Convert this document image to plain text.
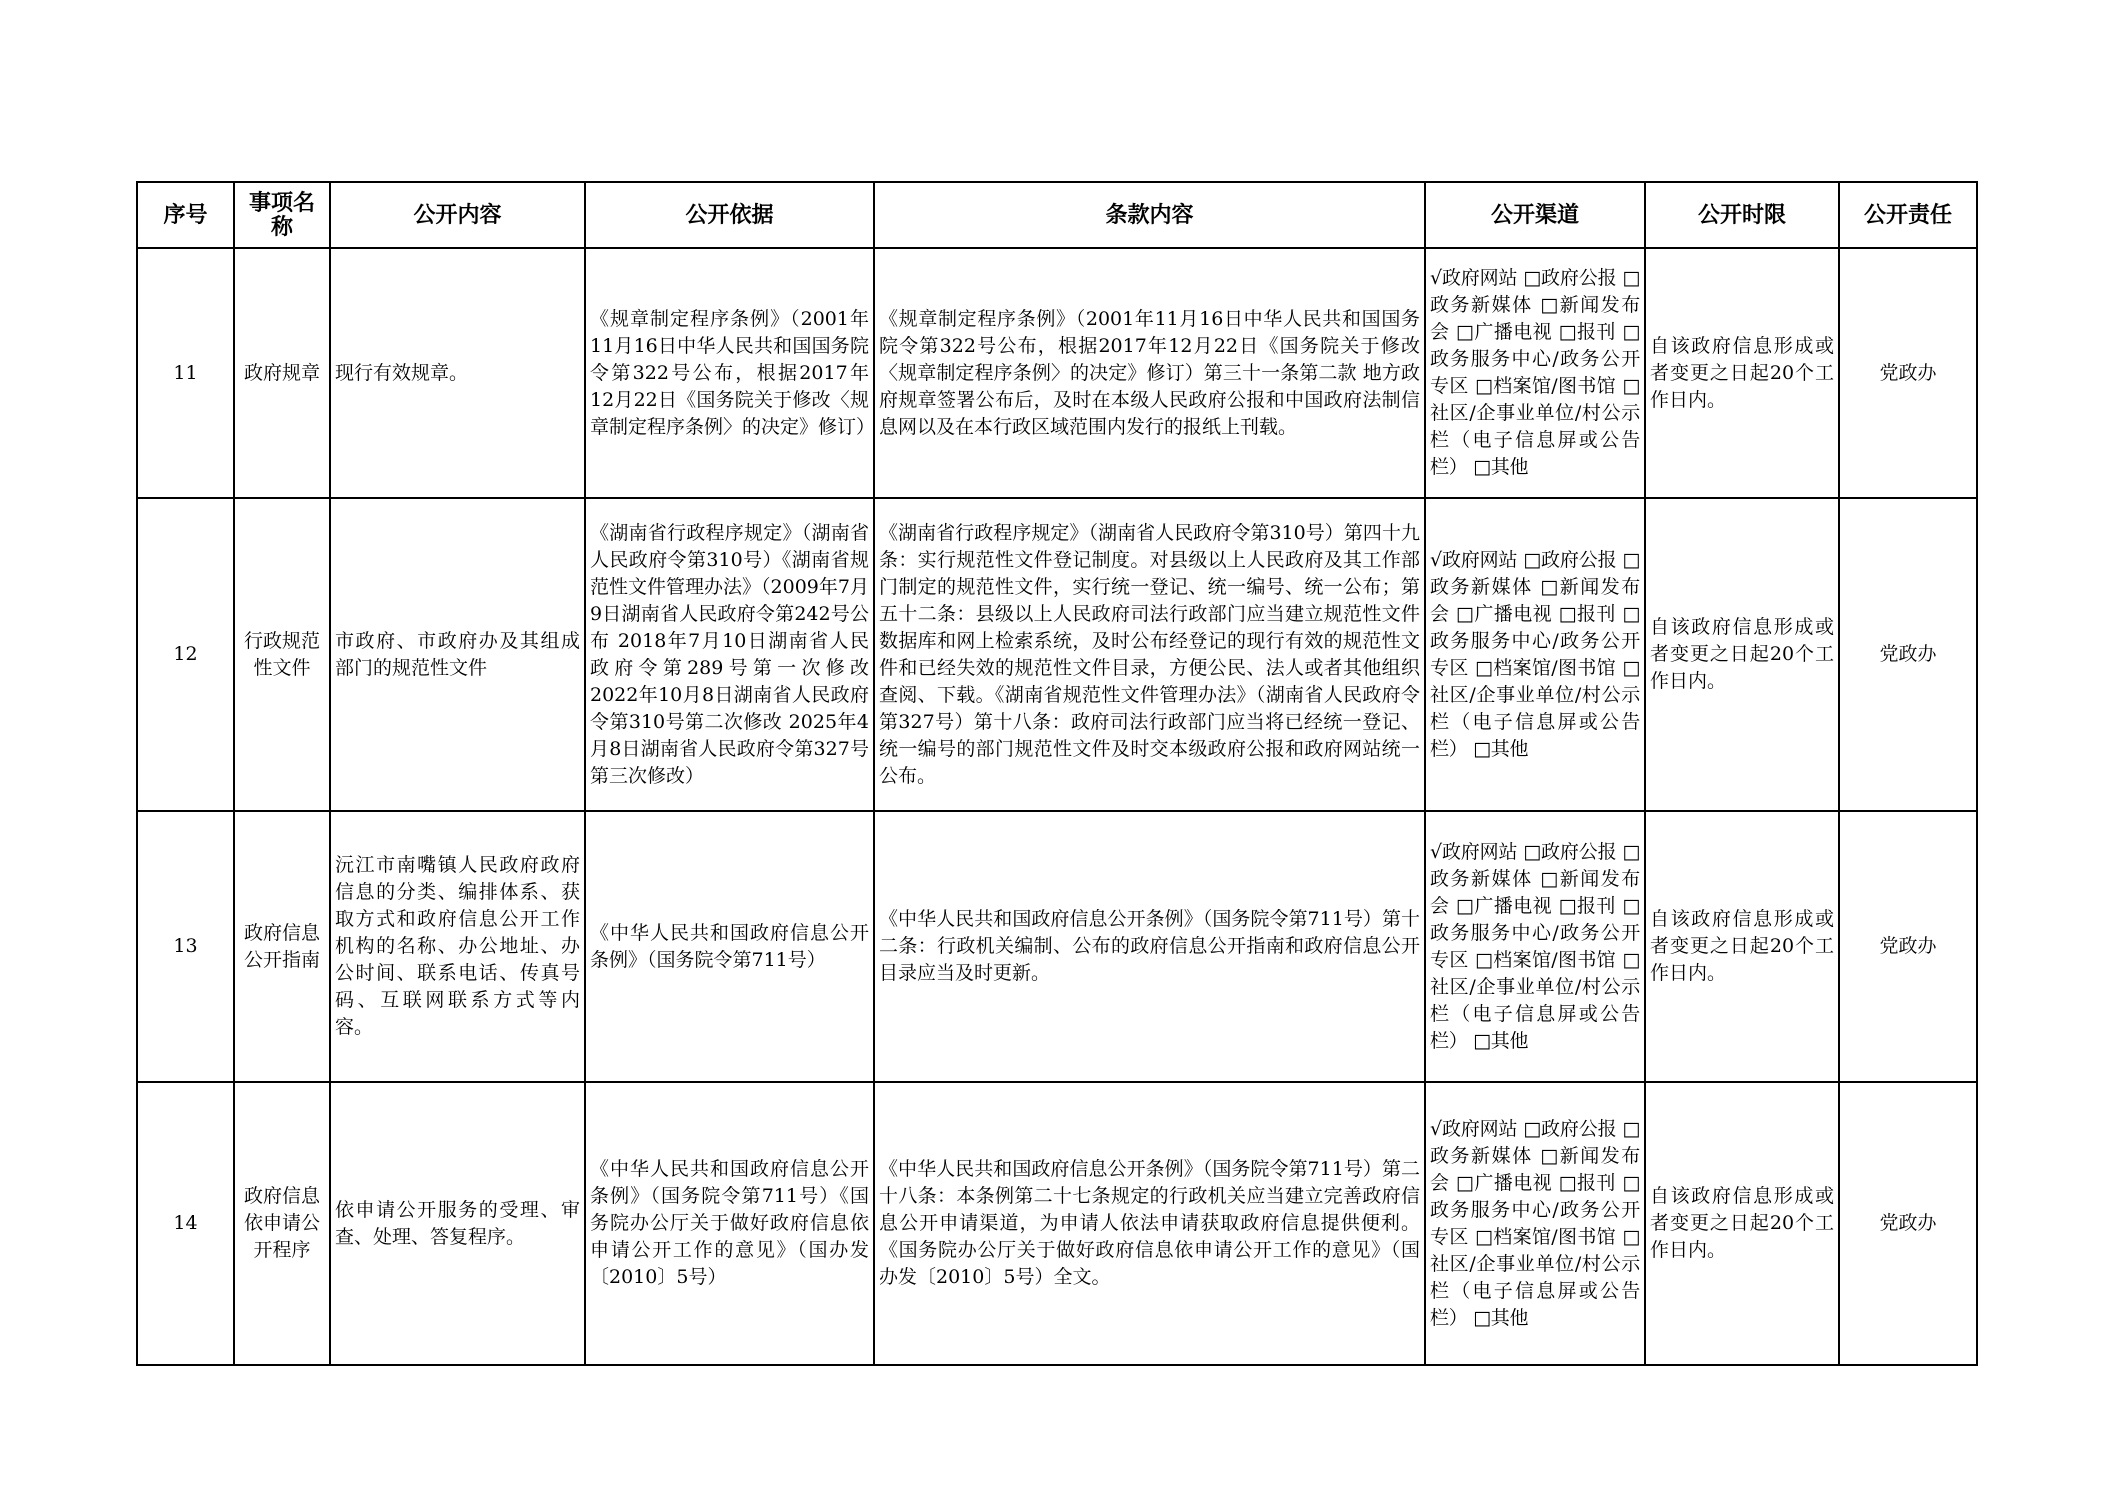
序号	事项名称	公开内容	公开依据	条款内容	公开渠道	公开时限	公开责任
11	政府规章	现行有效规章。	《规章制定程序条例》（2001年11月16日中华人民共和国国务院令第322号公布，根据2017年12月22日《国务院关于修改〈规章制定程序条例〉的决定》修订）	《规章制定程序条例》（2001年11月16日中华人民共和国国务院令第322号公布，根据2017年12月22日《国务院关于修改〈规章制定程序条例〉的决定》修订）第三十一条第二款 地方政府规章签署公布后，及时在本级人民政府公报和中国政府法制信息网以及在本行政区域范围内发行的报纸上刊载。	√政府网站 □政府公报 □政务新媒体 □新闻发布会 □广播电视 □报刊 □政务服务中心/政务公开专区 □档案馆/图书馆 □社区/企事业单位/村公示栏（电子信息屏或公告栏） □其他	自该政府信息形成或者变更之日起20个工作日内。	党政办
12	行政规范性文件	市政府、市政府办及其组成部门的规范性文件	《湖南省行政程序规定》（湖南省人民政府令第310号）《湖南省规范性文件管理办法》（2009年7月9日湖南省人民政府令第242号公布 2018年7月10日湖南省人民政府令第289号第一次修改 2022年10月8日湖南省人民政府令第310号第二次修改 2025年4月8日湖南省人民政府令第327号第三次修改）	《湖南省行政程序规定》（湖南省人民政府令第310号）第四十九条：实行规范性文件登记制度。对县级以上人民政府及其工作部门制定的规范性文件，实行统一登记、统一编号、统一公布；第五十二条：县级以上人民政府司法行政部门应当建立规范性文件数据库和网上检索系统，及时公布经登记的现行有效的规范性文件和已经失效的规范性文件目录，方便公民、法人或者其他组织查阅、下载。《湖南省规范性文件管理办法》（湖南省人民政府令第327号）第十八条：政府司法行政部门应当将已经统一登记、统一编号的部门规范性文件及时交本级政府公报和政府网站统一公布。	√政府网站 □政府公报 □政务新媒体 □新闻发布会 □广播电视 □报刊 □政务服务中心/政务公开专区 □档案馆/图书馆 □社区/企事业单位/村公示栏（电子信息屏或公告栏） □其他	自该政府信息形成或者变更之日起20个工作日内。	党政办
13	政府信息公开指南	沅江市南嘴镇人民政府政府信息的分类、编排体系、获取方式和政府信息公开工作机构的名称、办公地址、办公时间、联系电话、传真号码、互联网联系方式等内容。	《中华人民共和国政府信息公开条例》（国务院令第711号）	《中华人民共和国政府信息公开条例》（国务院令第711号）第十二条：行政机关编制、公布的政府信息公开指南和政府信息公开目录应当及时更新。	√政府网站 □政府公报 □政务新媒体 □新闻发布会 □广播电视 □报刊 □政务服务中心/政务公开专区 □档案馆/图书馆 □社区/企事业单位/村公示栏（电子信息屏或公告栏） □其他	自该政府信息形成或者变更之日起20个工作日内。	党政办
14	政府信息依申请公开程序	依申请公开服务的受理、审查、处理、答复程序。	《中华人民共和国政府信息公开条例》（国务院令第711号）《国务院办公厅关于做好政府信息依申请公开工作的意见》（国办发〔2010〕5号）	《中华人民共和国政府信息公开条例》（国务院令第711号）第二十八条：本条例第二十七条规定的行政机关应当建立完善政府信息公开申请渠道，为申请人依法申请获取政府信息提供便利。《国务院办公厅关于做好政府信息依申请公开工作的意见》（国办发〔2010〕5号）全文。	√政府网站 □政府公报 □政务新媒体 □新闻发布会 □广播电视 □报刊 □政务服务中心/政务公开专区 □档案馆/图书馆 □社区/企事业单位/村公示栏（电子信息屏或公告栏） □其他	自该政府信息形成或者变更之日起20个工作日内。	党政办
